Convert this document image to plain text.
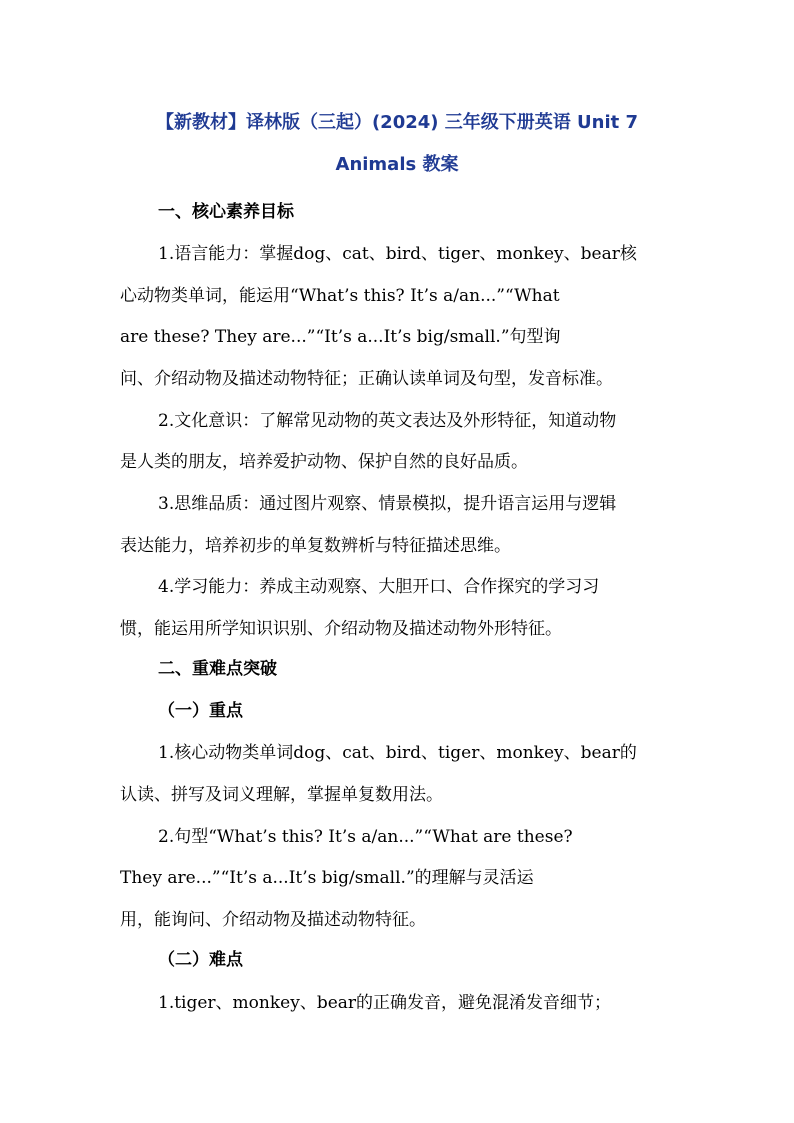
【新教材】译林版（三起）(2024) 三年级下册英语 Unit 7
Animals 教案
一、核心素养目标
1.语言能力：掌握dog、cat、bird、tiger、monkey、bear核
心动物类单词，能运用“What’s this? It’s a/an...”“What
are these? They are...”“It’s a...It’s big/small.”句型询
问、介绍动物及描述动物特征；正确认读单词及句型，发音标准。
2.文化意识：了解常见动物的英文表达及外形特征，知道动物
是人类的朋友，培养爱护动物、保护自然的良好品质。
3.思维品质：通过图片观察、情景模拟，提升语言运用与逻辑
表达能力，培养初步的单复数辨析与特征描述思维。
4.学习能力：养成主动观察、大胆开口、合作探究的学习习
惯，能运用所学知识识别、介绍动物及描述动物外形特征。
二、重难点突破
（一）重点
1.核心动物类单词dog、cat、bird、tiger、monkey、bear的
认读、拼写及词义理解，掌握单复数用法。
2.句型“What’s this? It’s a/an...”“What are these?
They are...”“It’s a...It’s big/small.”的理解与灵活运
用，能询问、介绍动物及描述动物特征。
（二）难点
1.tiger、monkey、bear的正确发音，避免混淆发音细节；
